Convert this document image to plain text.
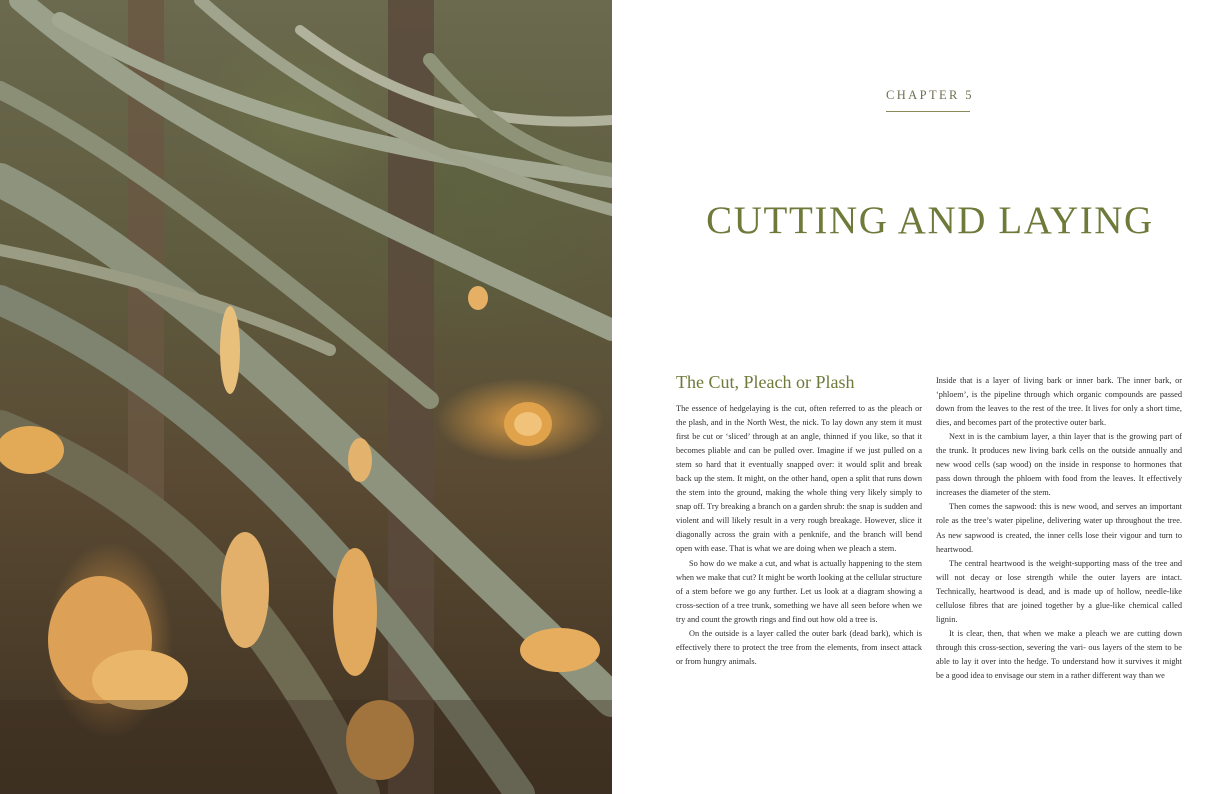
CHAPTER 5
CUTTING AND LAYING
The Cut, Pleach or Plash

The essence of hedgelaying is the cut, often referred to as the pleach or the plash, and in the North West, the nick. To lay down any stem it must first be cut or ‘sliced’ through at an angle, thinned if you like, so that it becomes pliable and can be pulled over. Imagine if we just pulled on a stem so hard that it eventually snapped over: it would split and break back up the stem. It might, on the other hand, open a split that runs down the stem into the ground, making the whole thing very likely simply to snap off. Try breaking a branch on a garden shrub: the snap is sudden and violent and will likely result in a very rough breakage. However, slice it diagonally across the grain with a penknife, and the branch will bend open with ease. That is what we are doing when we pleach a stem.

So how do we make a cut, and what is actually happening to the stem when we make that cut? It might be worth looking at the cellular structure of a stem before we go any further. Let us look at a diagram showing a cross-section of a tree trunk, something we have all seen before when we try and count the growth rings and find out how old a tree is.

On the outside is a layer called the outer bark (dead bark), which is effectively there to protect the tree from the elements, from insect attack or from hungry animals.

Inside that is a layer of living bark or inner bark. The inner bark, or ‘phloem’, is the pipeline through which organic compounds are passed down from the leaves to the rest of the tree. It lives for only a short time, dies, and becomes part of the protective outer bark.

Next in is the cambium layer, a thin layer that is the growing part of the trunk. It produces new living bark cells on the outside annually and new wood cells (sap wood) on the inside in response to hormones that pass down through the phloem with food from the leaves. It effectively increases the diameter of the stem.

Then comes the sapwood: this is new wood, and serves an important role as the tree’s water pipeline, delivering water up throughout the tree. As new sapwood is created, the inner cells lose their vigour and turn to heartwood.

The central heartwood is the weight-supporting mass of the tree and will not decay or lose strength while the outer layers are intact. Technically, heartwood is dead, and is made up of hollow, needle-like cellulose fibres that are joined together by a glue-like chemical called lignin.

It is clear, then, that when we make a pleach we are cutting down through this cross-section, severing the vari- ous layers of the stem to be able to lay it over into the hedge. To understand how it survives it might be a good idea to envisage our stem in a rather different way than we
